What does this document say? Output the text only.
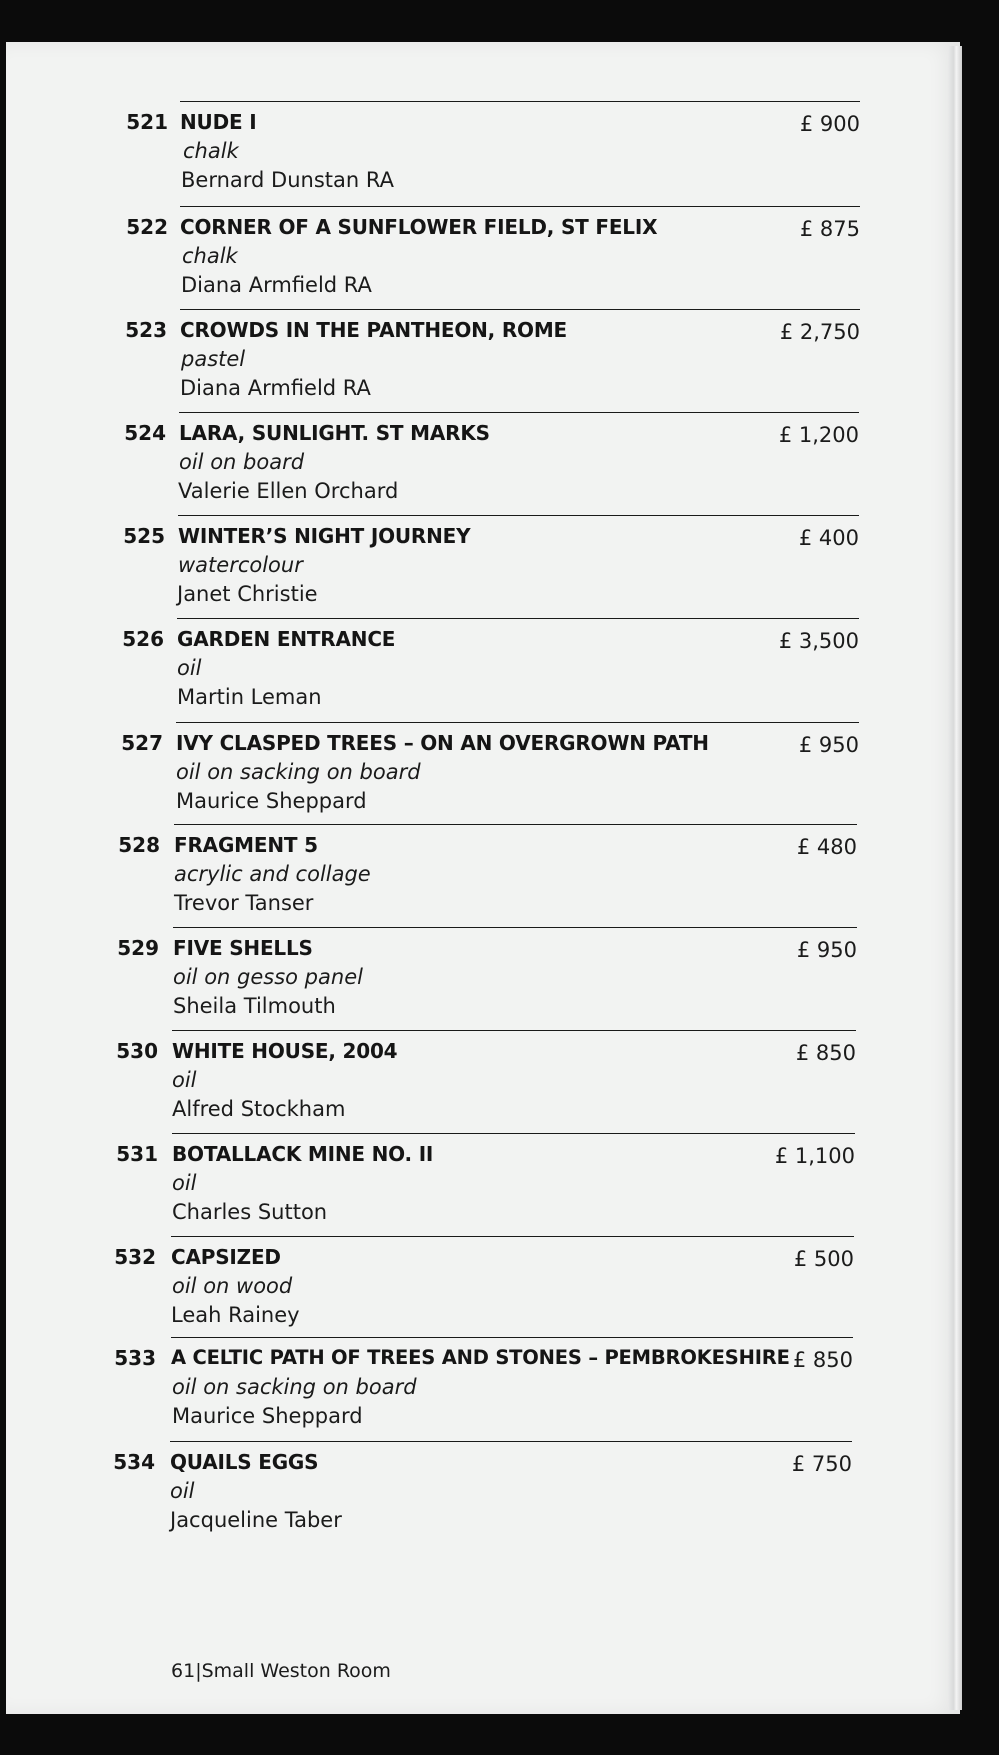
521 NUDE I
chalk
Bernard Dunstan RA
£ 900
522 CORNER OF A SUNFLOWER FIELD, ST FELIX
chalk
Diana Armfield RA
£ 875
523 CROWDS IN THE PANTHEON, ROME
pastel
Diana Armfield RA
£ 2,750
524 LARA, SUNLIGHT. ST MARKS
oil on board
Valerie Ellen Orchard
£ 1,200
525 WINTER’S NIGHT JOURNEY
watercolour
Janet Christie
£ 400
526 GARDEN ENTRANCE
oil
Martin Leman
£ 3,500
527 IVY CLASPED TREES – ON AN OVERGROWN PATH
oil on sacking on board
Maurice Sheppard
£ 950
528 FRAGMENT 5
acrylic and collage
Trevor Tanser
£ 480
529 FIVE SHELLS
oil on gesso panel
Sheila Tilmouth
£ 950
530 WHITE HOUSE, 2004
oil
Alfred Stockham
£ 850
531 BOTALLACK MINE NO. II
oil
Charles Sutton
£ 1,100
532 CAPSIZED
oil on wood
Leah Rainey
£ 500
533 A CELTIC PATH OF TREES AND STONES – PEMBROKESHIRE
oil on sacking on board
Maurice Sheppard
£ 850
534 QUAILS EGGS
oil
Jacqueline Taber
£ 750
61|Small Weston Room
